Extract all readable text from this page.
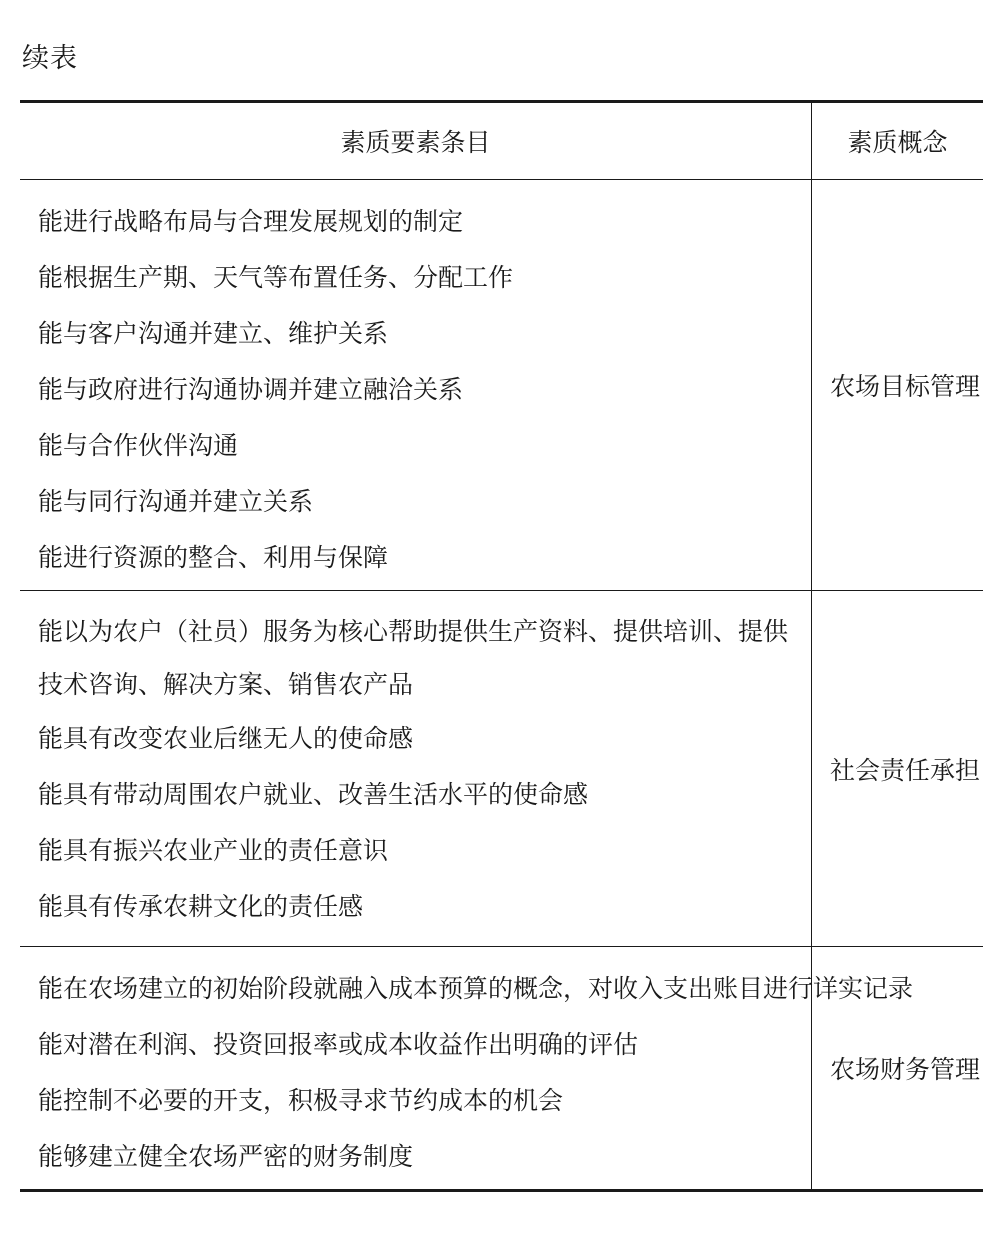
续表
素质要素条目	素质概念
能进行战略布局与合理发展规划的制定
能根据生产期、天气等布置任务、分配工作
能与客户沟通并建立、维护关系
能与政府进行沟通协调并建立融洽关系
能与合作伙伴沟通
能与同行沟通并建立关系
能进行资源的整合、利用与保障
农场目标管理
能以为农户（社员）服务为核心帮助提供生产资料、提供培训、提供技术咨询、解决方案、销售农产品
能具有改变农业后继无人的使命感
能具有带动周围农户就业、改善生活水平的使命感
能具有振兴农业产业的责任意识
能具有传承农耕文化的责任感
社会责任承担
能在农场建立的初始阶段就融入成本预算的概念，对收入支出账目进行详实记录
能对潜在利润、投资回报率或成本收益作出明确的评估
能控制不必要的开支，积极寻求节约成本的机会
能够建立健全农场严密的财务制度
农场财务管理
